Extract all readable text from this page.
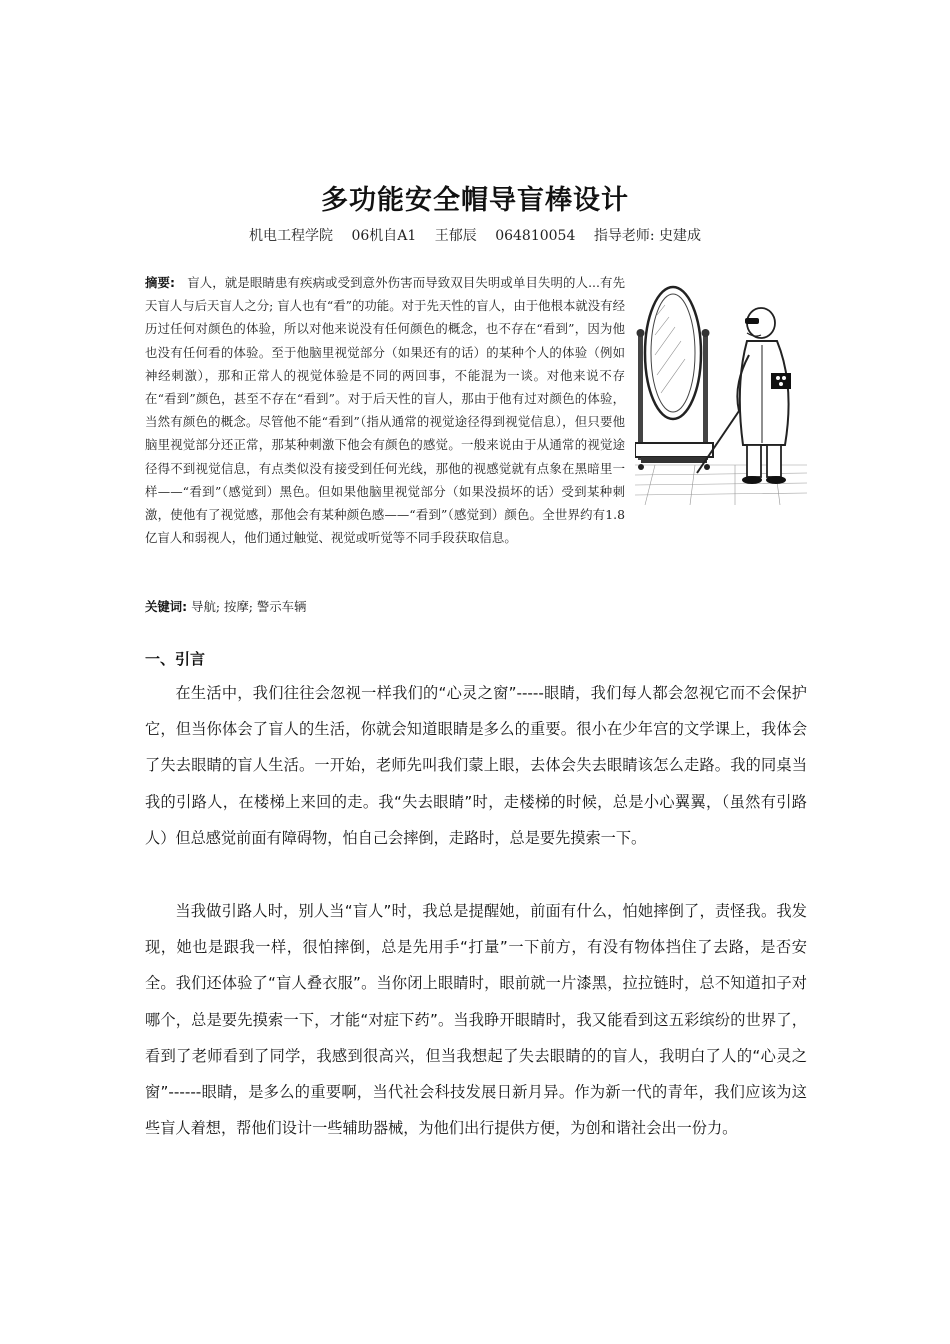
多功能安全帽导盲棒设计
机电工程学院 06机自A1 王郁辰 064810054 指导老师: 史建成
摘要: 盲人，就是眼睛患有疾病或受到意外伤害而导致双目失明或单目失明的人...有先天盲人与后天盲人之分; 盲人也有“看”的功能。对于先天性的盲人，由于他根本就没有经历过任何对颜色的体验，所以对他来说没有任何颜色的概念，也不存在“看到”，因为他也没有任何看的体验。至于他脑里视觉部分（如果还有的话）的某种个人的体验（例如神经刺激），那和正常人的视觉体验是不同的两回事，不能混为一谈。对他来说不存在“看到”颜色，甚至不存在“看到”。对于后天性的盲人，那由于他有过对颜色的体验，当然有颜色的概念。尽管他不能“看到”（指从通常的视觉途径得到视觉信息），但只要他脑里视觉部分还正常，那某种刺激下他会有颜色的感觉。一般来说由于从通常的视觉途径得不到视觉信息，有点类似没有接受到任何光线，那他的视感觉就有点象在黑暗里一样——“看到”（感觉到）黑色。但如果他脑里视觉部分（如果没损坏的话）受到某种刺激，使他有了视觉感，那他会有某种颜色感——“看到”（感觉到）颜色。全世界约有1.8亿盲人和弱视人，他们通过触觉、视觉或听觉等不同手段获取信息。
关键词: 导航; 按摩; 警示车辆
一、引言

在生活中，我们往往会忽视一样我们的“心灵之窗”-----眼睛，我们每人都会忽视它而不会保护它，但当你体会了盲人的生活，你就会知道眼睛是多么的重要。很小在少年宫的文学课上，我体会了失去眼睛的盲人生活。一开始，老师先叫我们蒙上眼，去体会失去眼睛该怎么走路。我的同桌当我的引路人，在楼梯上来回的走。我“失去眼睛”时，走楼梯的时候，总是小心翼翼，（虽然有引路人）但总感觉前面有障碍物，怕自己会摔倒，走路时，总是要先摸索一下。

当我做引路人时，别人当“盲人”时，我总是提醒她，前面有什么，怕她摔倒了，责怪我。我发现，她也是跟我一样，很怕摔倒，总是先用手“打量”一下前方，有没有物体挡住了去路，是否安全。我们还体验了“盲人叠衣服”。当你闭上眼睛时，眼前就一片漆黑，拉拉链时，总不知道扣子对哪个，总是要先摸索一下，才能“对症下药”。当我睁开眼睛时，我又能看到这五彩缤纷的世界了，看到了老师看到了同学，我感到很高兴，但当我想起了失去眼睛的的盲人，我明白了人的“心灵之窗”------眼睛，是多么的重要啊，当代社会科技发展日新月异。作为新一代的青年，我们应该为这些盲人着想，帮他们设计一些辅助器械，为他们出行提供方便，为创和谐社会出一份力。
